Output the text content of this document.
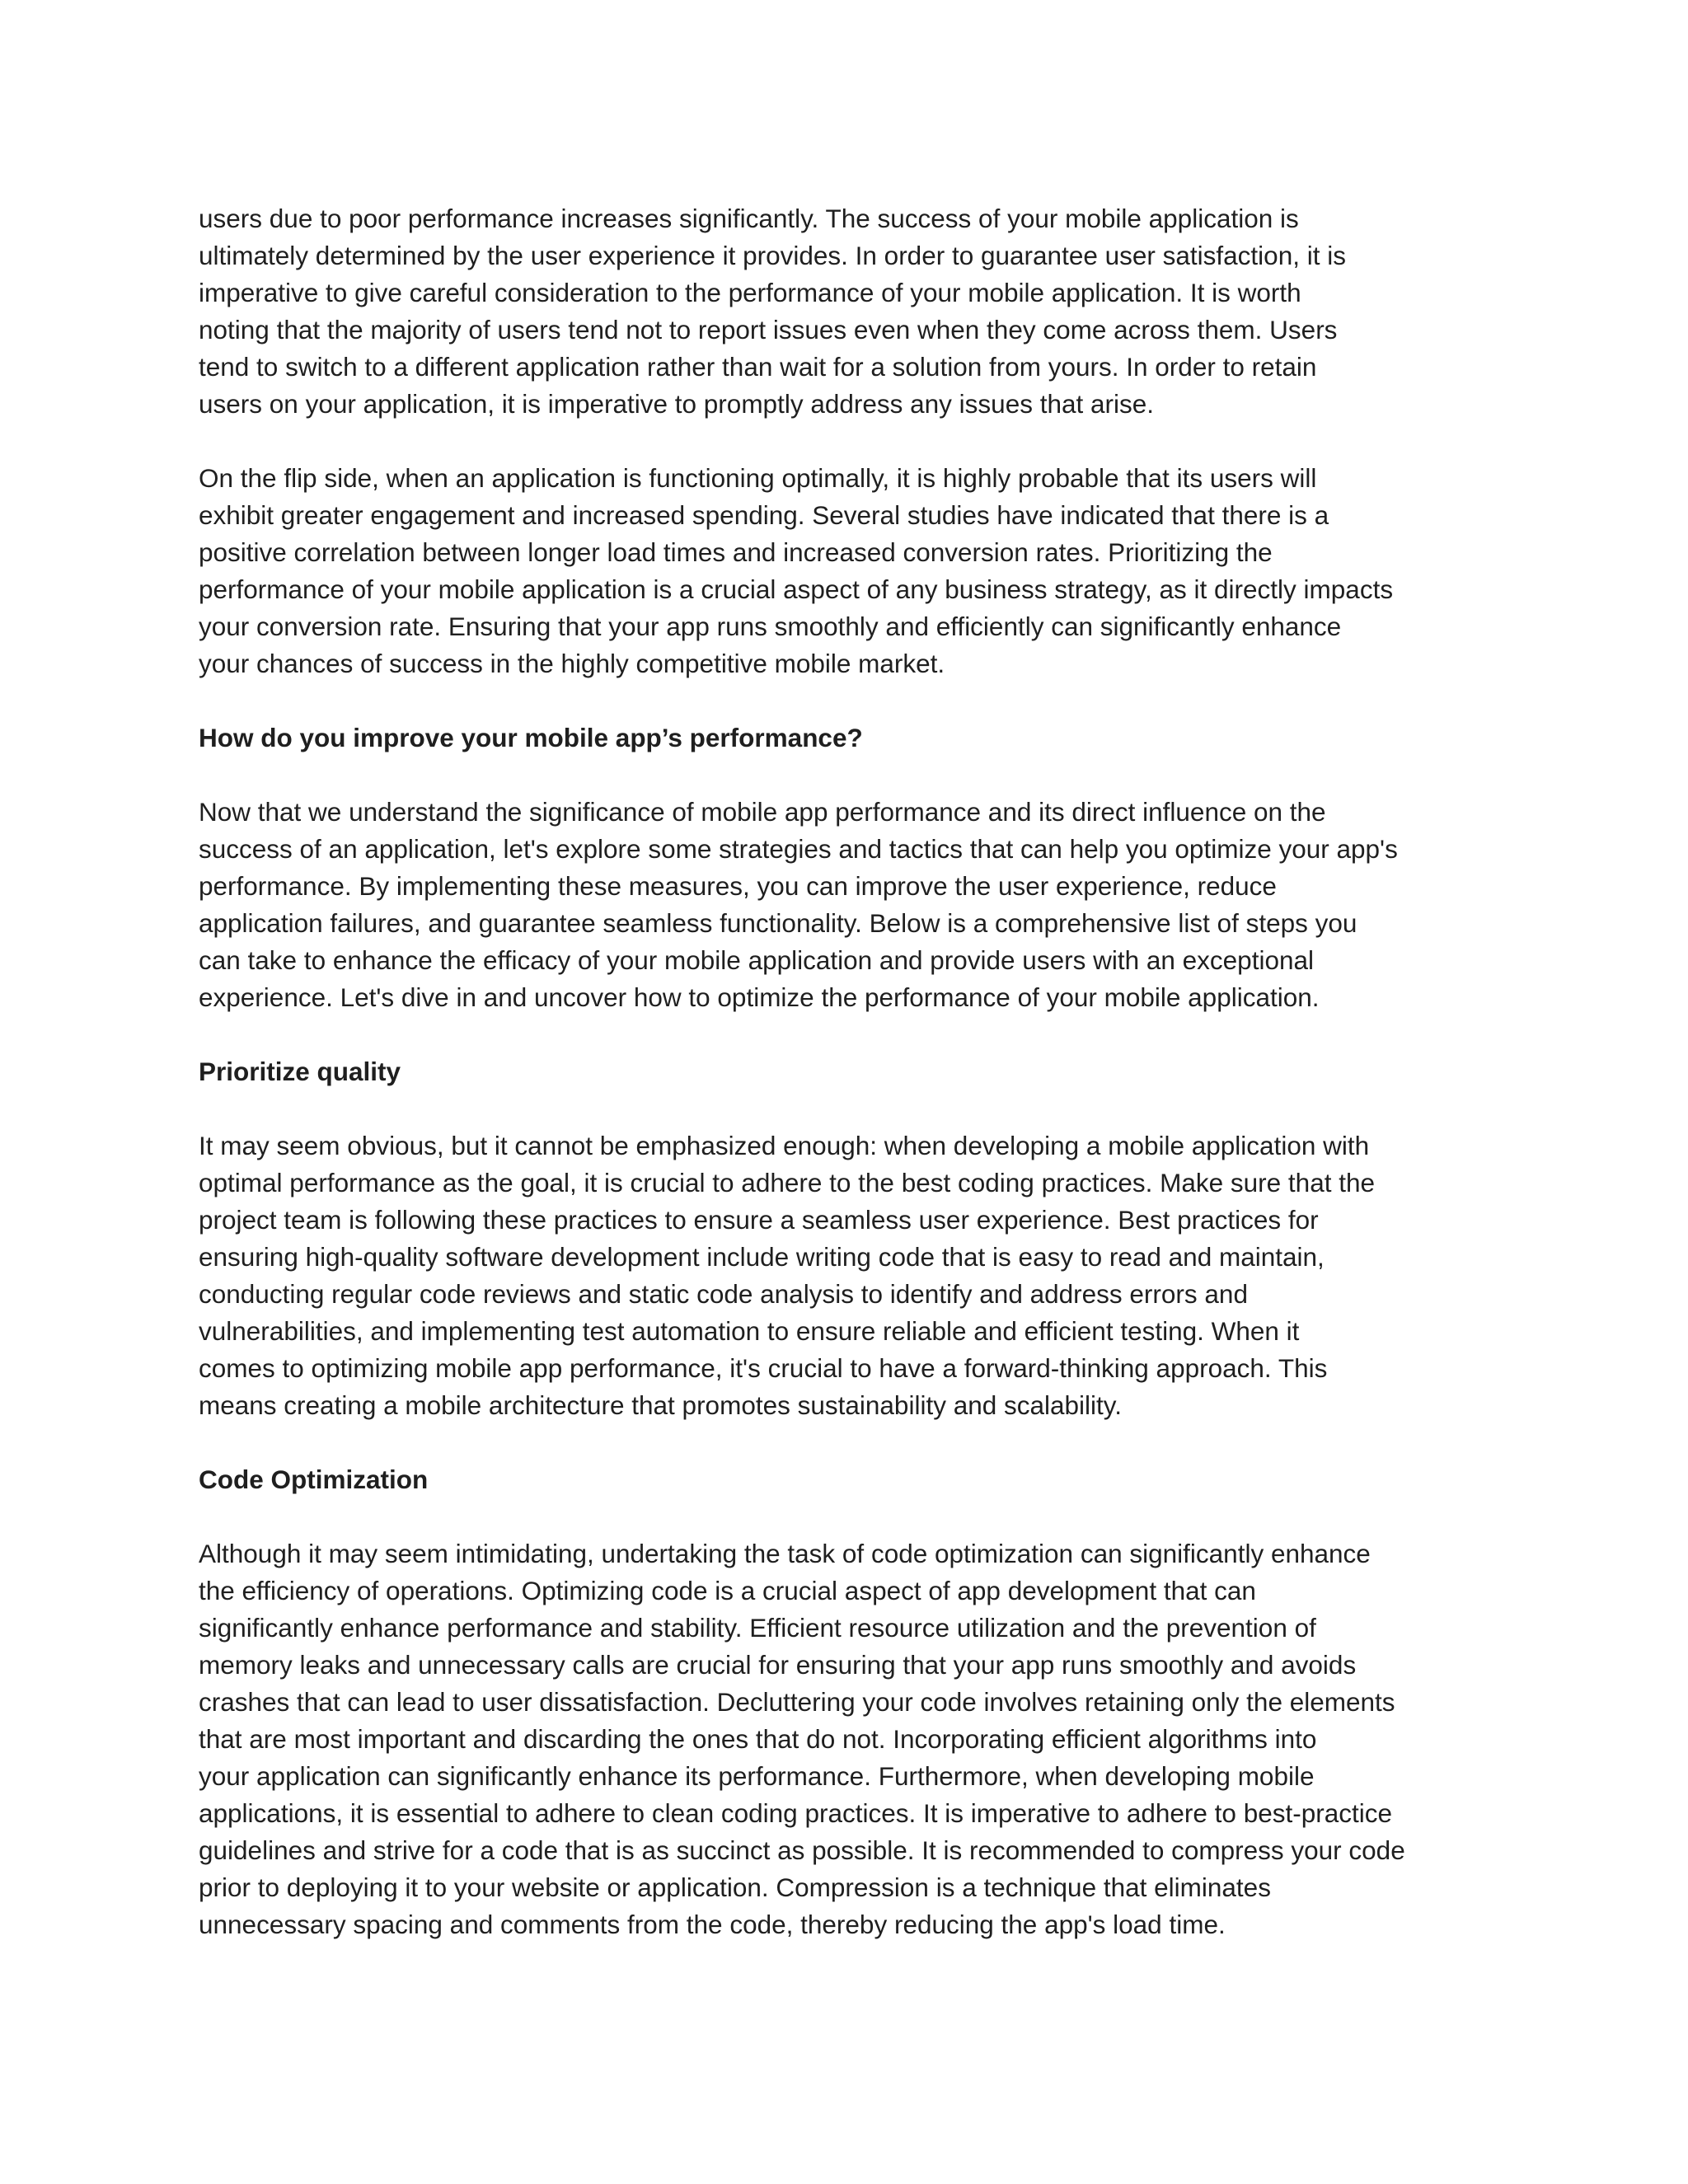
users due to poor performance increases significantly. The success of your mobile application is
ultimately determined by the user experience it provides. In order to guarantee user satisfaction, it is
imperative to give careful consideration to the performance of your mobile application. It is worth
noting that the majority of users tend not to report issues even when they come across them. Users
tend to switch to a different application rather than wait for a solution from yours. In order to retain
users on your application, it is imperative to promptly address any issues that arise.

On the flip side, when an application is functioning optimally, it is highly probable that its users will
exhibit greater engagement and increased spending. Several studies have indicated that there is a
positive correlation between longer load times and increased conversion rates. Prioritizing the
performance of your mobile application is a crucial aspect of any business strategy, as it directly impacts
your conversion rate. Ensuring that your app runs smoothly and efficiently can significantly enhance
your chances of success in the highly competitive mobile market.

How do you improve your mobile app’s performance?

Now that we understand the significance of mobile app performance and its direct influence on the
success of an application, let's explore some strategies and tactics that can help you optimize your app's
performance. By implementing these measures, you can improve the user experience, reduce
application failures, and guarantee seamless functionality. Below is a comprehensive list of steps you
can take to enhance the efficacy of your mobile application and provide users with an exceptional
experience. Let's dive in and uncover how to optimize the performance of your mobile application.

Prioritize quality

It may seem obvious, but it cannot be emphasized enough: when developing a mobile application with
optimal performance as the goal, it is crucial to adhere to the best coding practices. Make sure that the
project team is following these practices to ensure a seamless user experience. Best practices for
ensuring high-quality software development include writing code that is easy to read and maintain,
conducting regular code reviews and static code analysis to identify and address errors and
vulnerabilities, and implementing test automation to ensure reliable and efficient testing. When it
comes to optimizing mobile app performance, it's crucial to have a forward-thinking approach. This
means creating a mobile architecture that promotes sustainability and scalability.

Code Optimization

Although it may seem intimidating, undertaking the task of code optimization can significantly enhance
the efficiency of operations. Optimizing code is a crucial aspect of app development that can
significantly enhance performance and stability. Efficient resource utilization and the prevention of
memory leaks and unnecessary calls are crucial for ensuring that your app runs smoothly and avoids
crashes that can lead to user dissatisfaction. Decluttering your code involves retaining only the elements
that are most important and discarding the ones that do not. Incorporating efficient algorithms into
your application can significantly enhance its performance. Furthermore, when developing mobile
applications, it is essential to adhere to clean coding practices. It is imperative to adhere to best-practice
guidelines and strive for a code that is as succinct as possible. It is recommended to compress your code
prior to deploying it to your website or application. Compression is a technique that eliminates
unnecessary spacing and comments from the code, thereby reducing the app's load time.
